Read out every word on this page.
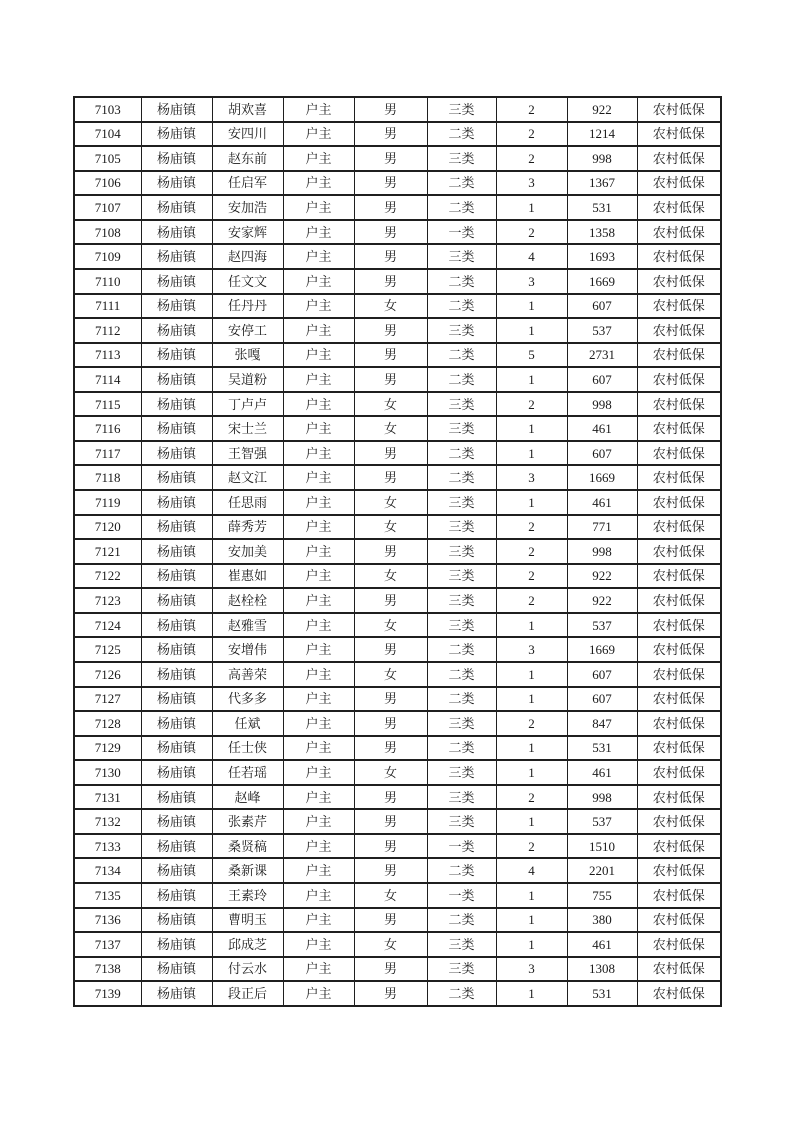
7103	杨庙镇	胡欢喜	户主	男	三类	2	922	农村低保
7104	杨庙镇	安四川	户主	男	二类	2	1214	农村低保
7105	杨庙镇	赵东前	户主	男	三类	2	998	农村低保
7106	杨庙镇	任启军	户主	男	二类	3	1367	农村低保
7107	杨庙镇	安加浩	户主	男	二类	1	531	农村低保
7108	杨庙镇	安家辉	户主	男	一类	2	1358	农村低保
7109	杨庙镇	赵四海	户主	男	三类	4	1693	农村低保
7110	杨庙镇	任文文	户主	男	二类	3	1669	农村低保
7111	杨庙镇	任丹丹	户主	女	二类	1	607	农村低保
7112	杨庙镇	安停工	户主	男	三类	1	537	农村低保
7113	杨庙镇	张嘎	户主	男	二类	5	2731	农村低保
7114	杨庙镇	吴道粉	户主	男	二类	1	607	农村低保
7115	杨庙镇	丁卢卢	户主	女	三类	2	998	农村低保
7116	杨庙镇	宋士兰	户主	女	三类	1	461	农村低保
7117	杨庙镇	王智强	户主	男	二类	1	607	农村低保
7118	杨庙镇	赵文江	户主	男	二类	3	1669	农村低保
7119	杨庙镇	任思雨	户主	女	三类	1	461	农村低保
7120	杨庙镇	薛秀芳	户主	女	三类	2	771	农村低保
7121	杨庙镇	安加美	户主	男	三类	2	998	农村低保
7122	杨庙镇	崔惠如	户主	女	三类	2	922	农村低保
7123	杨庙镇	赵栓栓	户主	男	三类	2	922	农村低保
7124	杨庙镇	赵雅雪	户主	女	三类	1	537	农村低保
7125	杨庙镇	安增伟	户主	男	二类	3	1669	农村低保
7126	杨庙镇	高善荣	户主	女	二类	1	607	农村低保
7127	杨庙镇	代多多	户主	男	二类	1	607	农村低保
7128	杨庙镇	任斌	户主	男	三类	2	847	农村低保
7129	杨庙镇	任士侠	户主	男	二类	1	531	农村低保
7130	杨庙镇	任若瑶	户主	女	三类	1	461	农村低保
7131	杨庙镇	赵峰	户主	男	三类	2	998	农村低保
7132	杨庙镇	张素芹	户主	男	三类	1	537	农村低保
7133	杨庙镇	桑贤稿	户主	男	一类	2	1510	农村低保
7134	杨庙镇	桑新课	户主	男	二类	4	2201	农村低保
7135	杨庙镇	王素玲	户主	女	一类	1	755	农村低保
7136	杨庙镇	曹明玉	户主	男	二类	1	380	农村低保
7137	杨庙镇	邱成芝	户主	女	三类	1	461	农村低保
7138	杨庙镇	付云水	户主	男	三类	3	1308	农村低保
7139	杨庙镇	段正后	户主	男	二类	1	531	农村低保
